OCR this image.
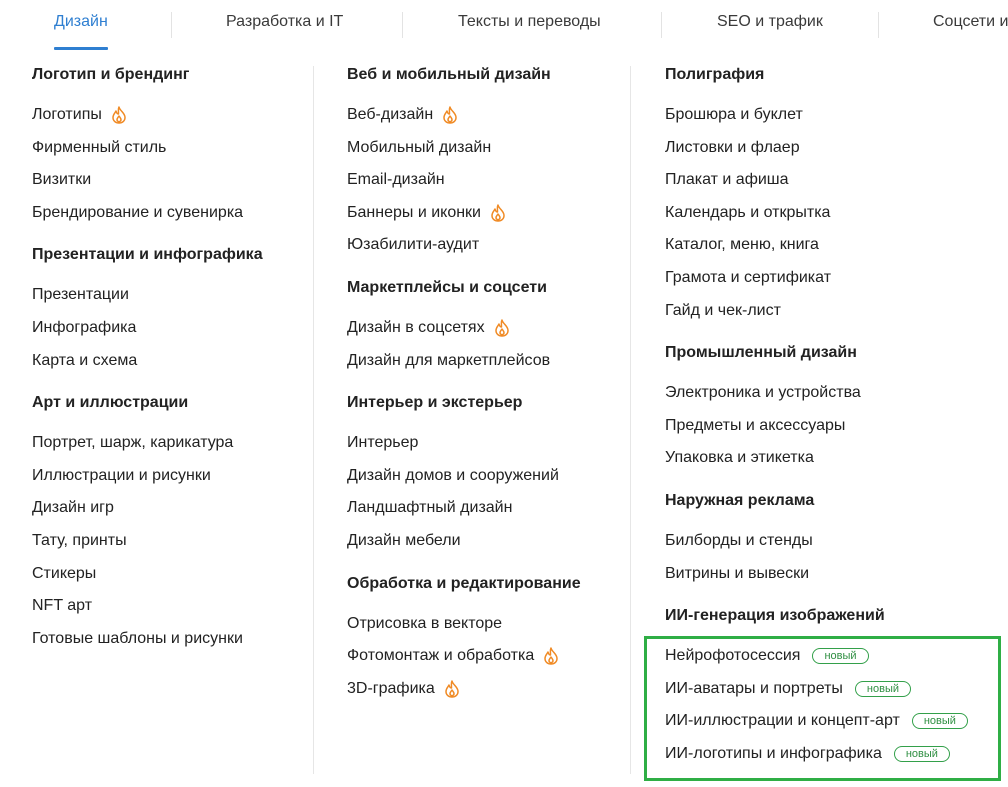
Дизайн	Разработка и IT	Тексты и переводы	SEO и трафик	Соцсети и
Логотип и брендинг
Логотипы
Фирменный стиль
Визитки
Брендирование и сувенирка
Презентации и инфографика
Презентации
Инфографика
Карта и схема
Арт и иллюстрации
Портрет, шарж, карикатура
Иллюстрации и рисунки
Дизайн игр
Тату, принты
Стикеры
NFT арт
Готовые шаблоны и рисунки
Веб и мобильный дизайн
Веб-дизайн
Мобильный дизайн
Email-дизайн
Баннеры и иконки
Юзабилити-аудит
Маркетплейсы и соцсети
Дизайн в соцсетях
Дизайн для маркетплейсов
Интерьер и экстерьер
Интерьер
Дизайн домов и сооружений
Ландшафтный дизайн
Дизайн мебели
Обработка и редактирование
Отрисовка в векторе
Фотомонтаж и обработка
3D-графика
Полиграфия
Брошюра и буклет
Листовки и флаер
Плакат и афиша
Календарь и открытка
Каталог, меню, книга
Грамота и сертификат
Гайд и чек-лист
Промышленный дизайн
Электроника и устройства
Предметы и аксессуары
Упаковка и этикетка
Наружная реклама
Билборды и стенды
Витрины и вывески
ИИ-генерация изображений
Нейрофотосессия	новый
ИИ-аватары и портреты	новый
ИИ-иллюстрации и концепт-арт	новый
ИИ-логотипы и инфографика	новый
